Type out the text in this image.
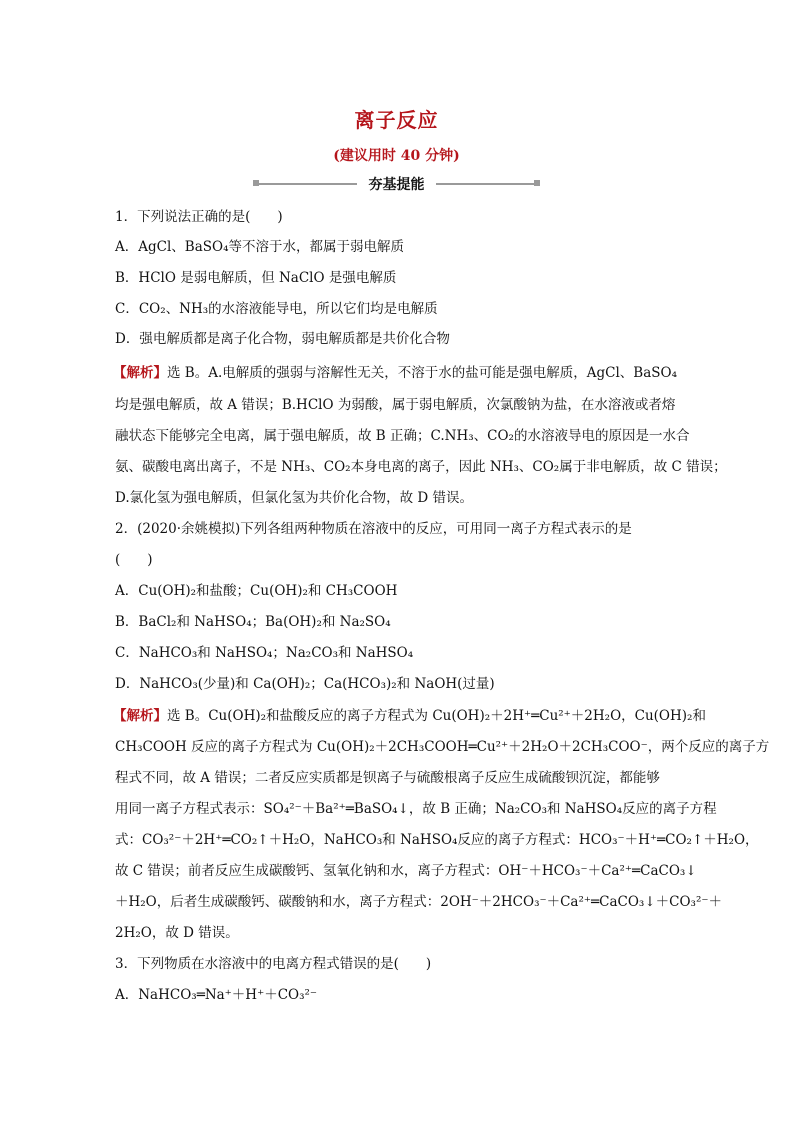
离子反应
(建议用时 40 分钟)
夯基提能
1．下列说法正确的是(　　)
A．AgCl、BaSO₄等不溶于水，都属于弱电解质
B．HClO 是弱电解质，但 NaClO 是强电解质
C．CO₂、NH₃的水溶液能导电，所以它们均是电解质
D．强电解质都是离子化合物，弱电解质都是共价化合物
【解析】选 B。A.电解质的强弱与溶解性无关，不溶于水的盐可能是强电解质，AgCl、BaSO₄
均是强电解质，故 A 错误；B.HClO 为弱酸，属于弱电解质，次氯酸钠为盐，在水溶液或者熔
融状态下能够完全电离，属于强电解质，故 B 正确；C.NH₃、CO₂的水溶液导电的原因是一水合
氨、碳酸电离出离子，不是 NH₃、CO₂本身电离的离子，因此 NH₃、CO₂属于非电解质，故 C 错误；
D.氯化氢为强电解质，但氯化氢为共价化合物，故 D 错误。
2．(2020·余姚模拟)下列各组两种物质在溶液中的反应，可用同一离子方程式表示的是
(　　)
A．Cu(OH)₂和盐酸；Cu(OH)₂和 CH₃COOH
B．BaCl₂和 NaHSO₄；Ba(OH)₂和 Na₂SO₄
C．NaHCO₃和 NaHSO₄；Na₂CO₃和 NaHSO₄
D．NaHCO₃(少量)和 Ca(OH)₂；Ca(HCO₃)₂和 NaOH(过量)
【解析】选 B。Cu(OH)₂和盐酸反应的离子方程式为 Cu(OH)₂＋2H⁺═Cu²⁺＋2H₂O，Cu(OH)₂和
CH₃COOH 反应的离子方程式为 Cu(OH)₂＋2CH₃COOH═Cu²⁺＋2H₂O＋2CH₃COO⁻，两个反应的离子方
程式不同，故 A 错误；二者反应实质都是钡离子与硫酸根离子反应生成硫酸钡沉淀，都能够
用同一离子方程式表示：SO₄²⁻＋Ba²⁺═BaSO₄↓，故 B 正确；Na₂CO₃和 NaHSO₄反应的离子方程
式：CO₃²⁻＋2H⁺═CO₂↑＋H₂O，NaHCO₃和 NaHSO₄反应的离子方程式：HCO₃⁻＋H⁺═CO₂↑＋H₂O，
故 C 错误；前者反应生成碳酸钙、氢氧化钠和水，离子方程式：OH⁻＋HCO₃⁻＋Ca²⁺═CaCO₃↓
＋H₂O，后者生成碳酸钙、碳酸钠和水，离子方程式：2OH⁻＋2HCO₃⁻＋Ca²⁺═CaCO₃↓＋CO₃²⁻＋
2H₂O，故 D 错误。
3．下列物质在水溶液中的电离方程式错误的是(　　)
A．NaHCO₃═Na⁺＋H⁺＋CO₃²⁻
